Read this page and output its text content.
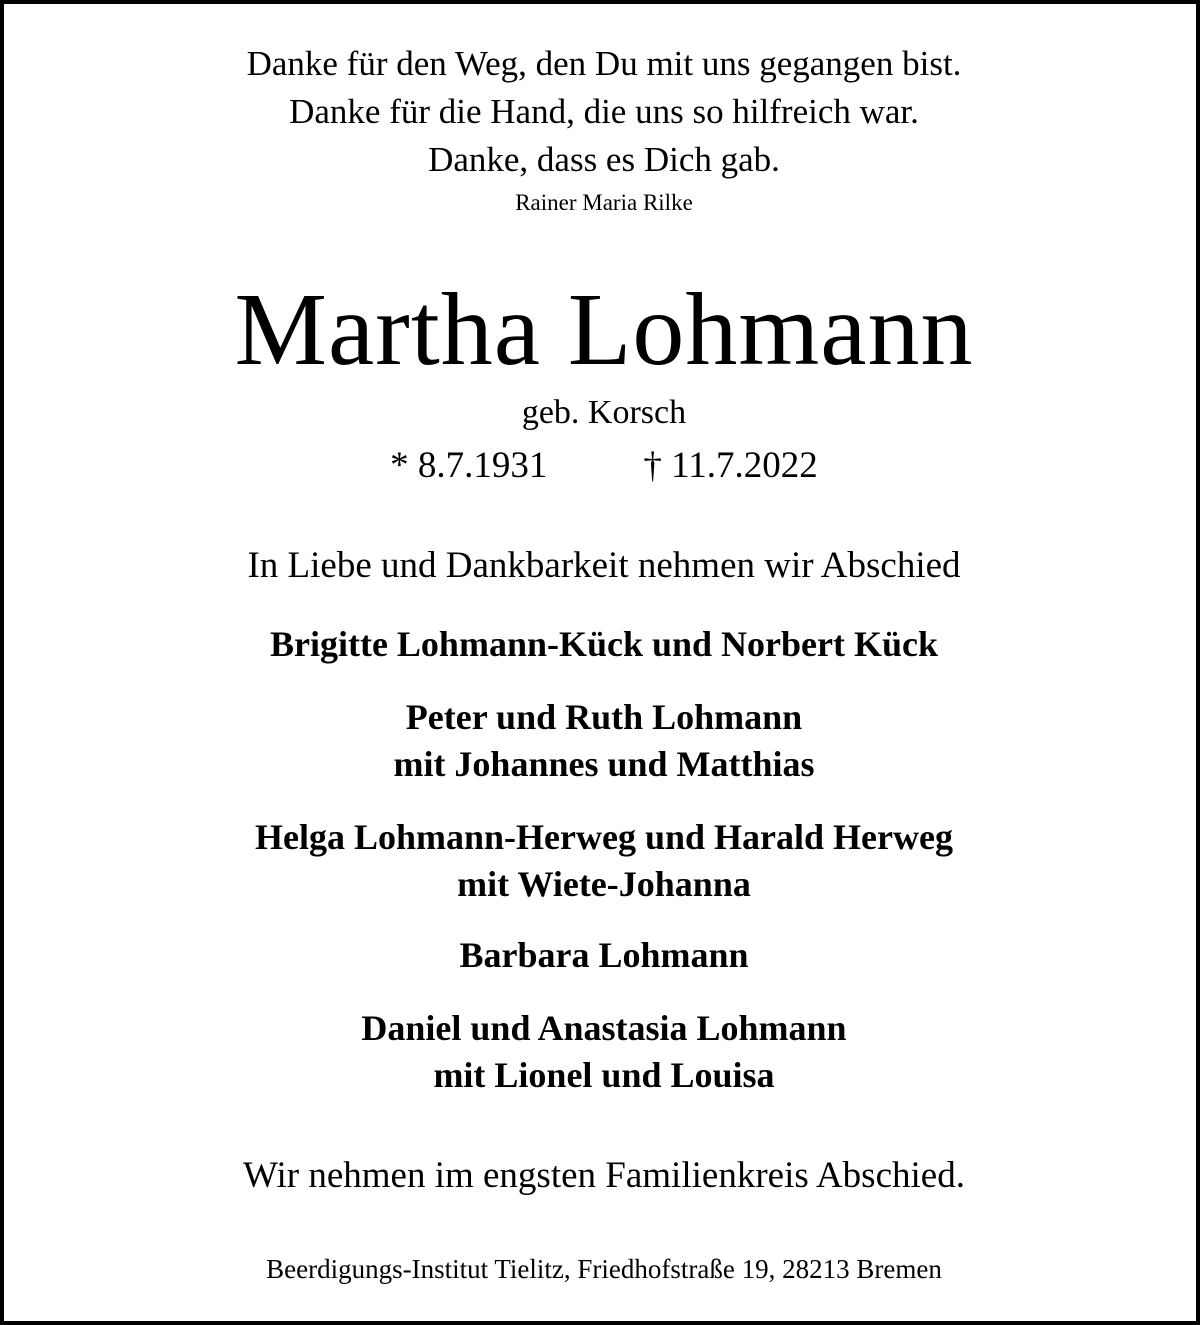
Danke für den Weg, den Du mit uns gegangen bist.
Danke für die Hand, die uns so hilfreich war.
Danke, dass es Dich gab.
Rainer Maria Rilke
Martha Lohmann
geb. Korsch
* 8.7.1931	† 11.7.2022
In Liebe und Dankbarkeit nehmen wir Abschied
Brigitte Lohmann-Kück und Norbert Kück
Peter und Ruth Lohmann
mit Johannes und Matthias
Helga Lohmann-Herweg und Harald Herweg
mit Wiete-Johanna
Barbara Lohmann
Daniel und Anastasia Lohmann
mit Lionel und Louisa
Wir nehmen im engsten Familienkreis Abschied.
Beerdigungs-Institut Tielitz, Friedhofstraße 19, 28213 Bremen
